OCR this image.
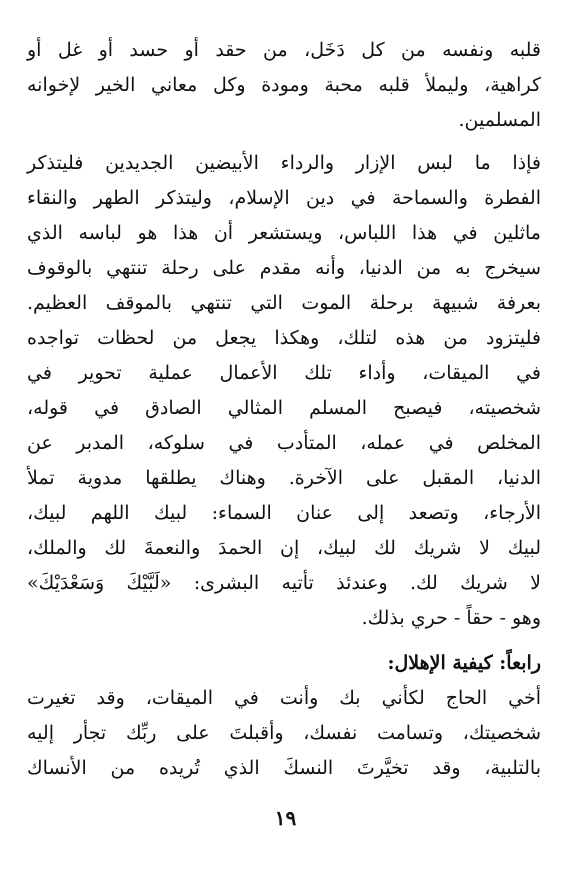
قلبه ونفسه من كل دَخَل، من حقد أو حسد أو غل أو
كراهية، وليملأ قلبه محبة ومودة وكل معاني الخير لإخوانه
المسلمين.
فإذا ما لبس الإزار والرداء الأبيضين الجديدين فليتذكر
الفطرة والسماحة في دين الإسلام، وليتذكر الطهر والنقاء
ماثلين في هذا اللباس، ويستشعر أن هذا هو لباسه الذي
سيخرج به من الدنيا، وأنه مقدم على رحلة تنتهي بالوقوف
بعرفة شبيهة برحلة الموت التي تنتهي بالموقف العظيم.
فليتزود من هذه لتلك، وهكذا يجعل من لحظات تواجده
في الميقات، وأداء تلك الأعمال عملية تحوير في
شخصيته، فيصبح المسلم المثالي الصادق في قوله،
المخلص في عمله، المتأدب في سلوكه، المدبر عن
الدنيا، المقبل على الآخرة. وهناك يطلقها مدوية تملأ
الأرجاء، وتصعد إلى عنان السماء: لبيك اللهم لبيك،
لبيك لا شريك لك لبيك، إن الحمدَ والنعمةَ لك والملك،
لا شريك لك. وعندئذ تأتيه البشرى: «لَبَّيْكَ وَسَعْدَيْكَ»
وهو - حقاً - حري بذلك.
رابعاً: كيفية الإهلال:
أخي الحاج لكأني بك وأنت في الميقات، وقد تغيرت
شخصيتك، وتسامت نفسك، وأقبلتَ على ربِّك تجأر إليه
بالتلبية، وقد تخيَّرتَ النسكَ الذي تُريده من الأنساك
١٩
